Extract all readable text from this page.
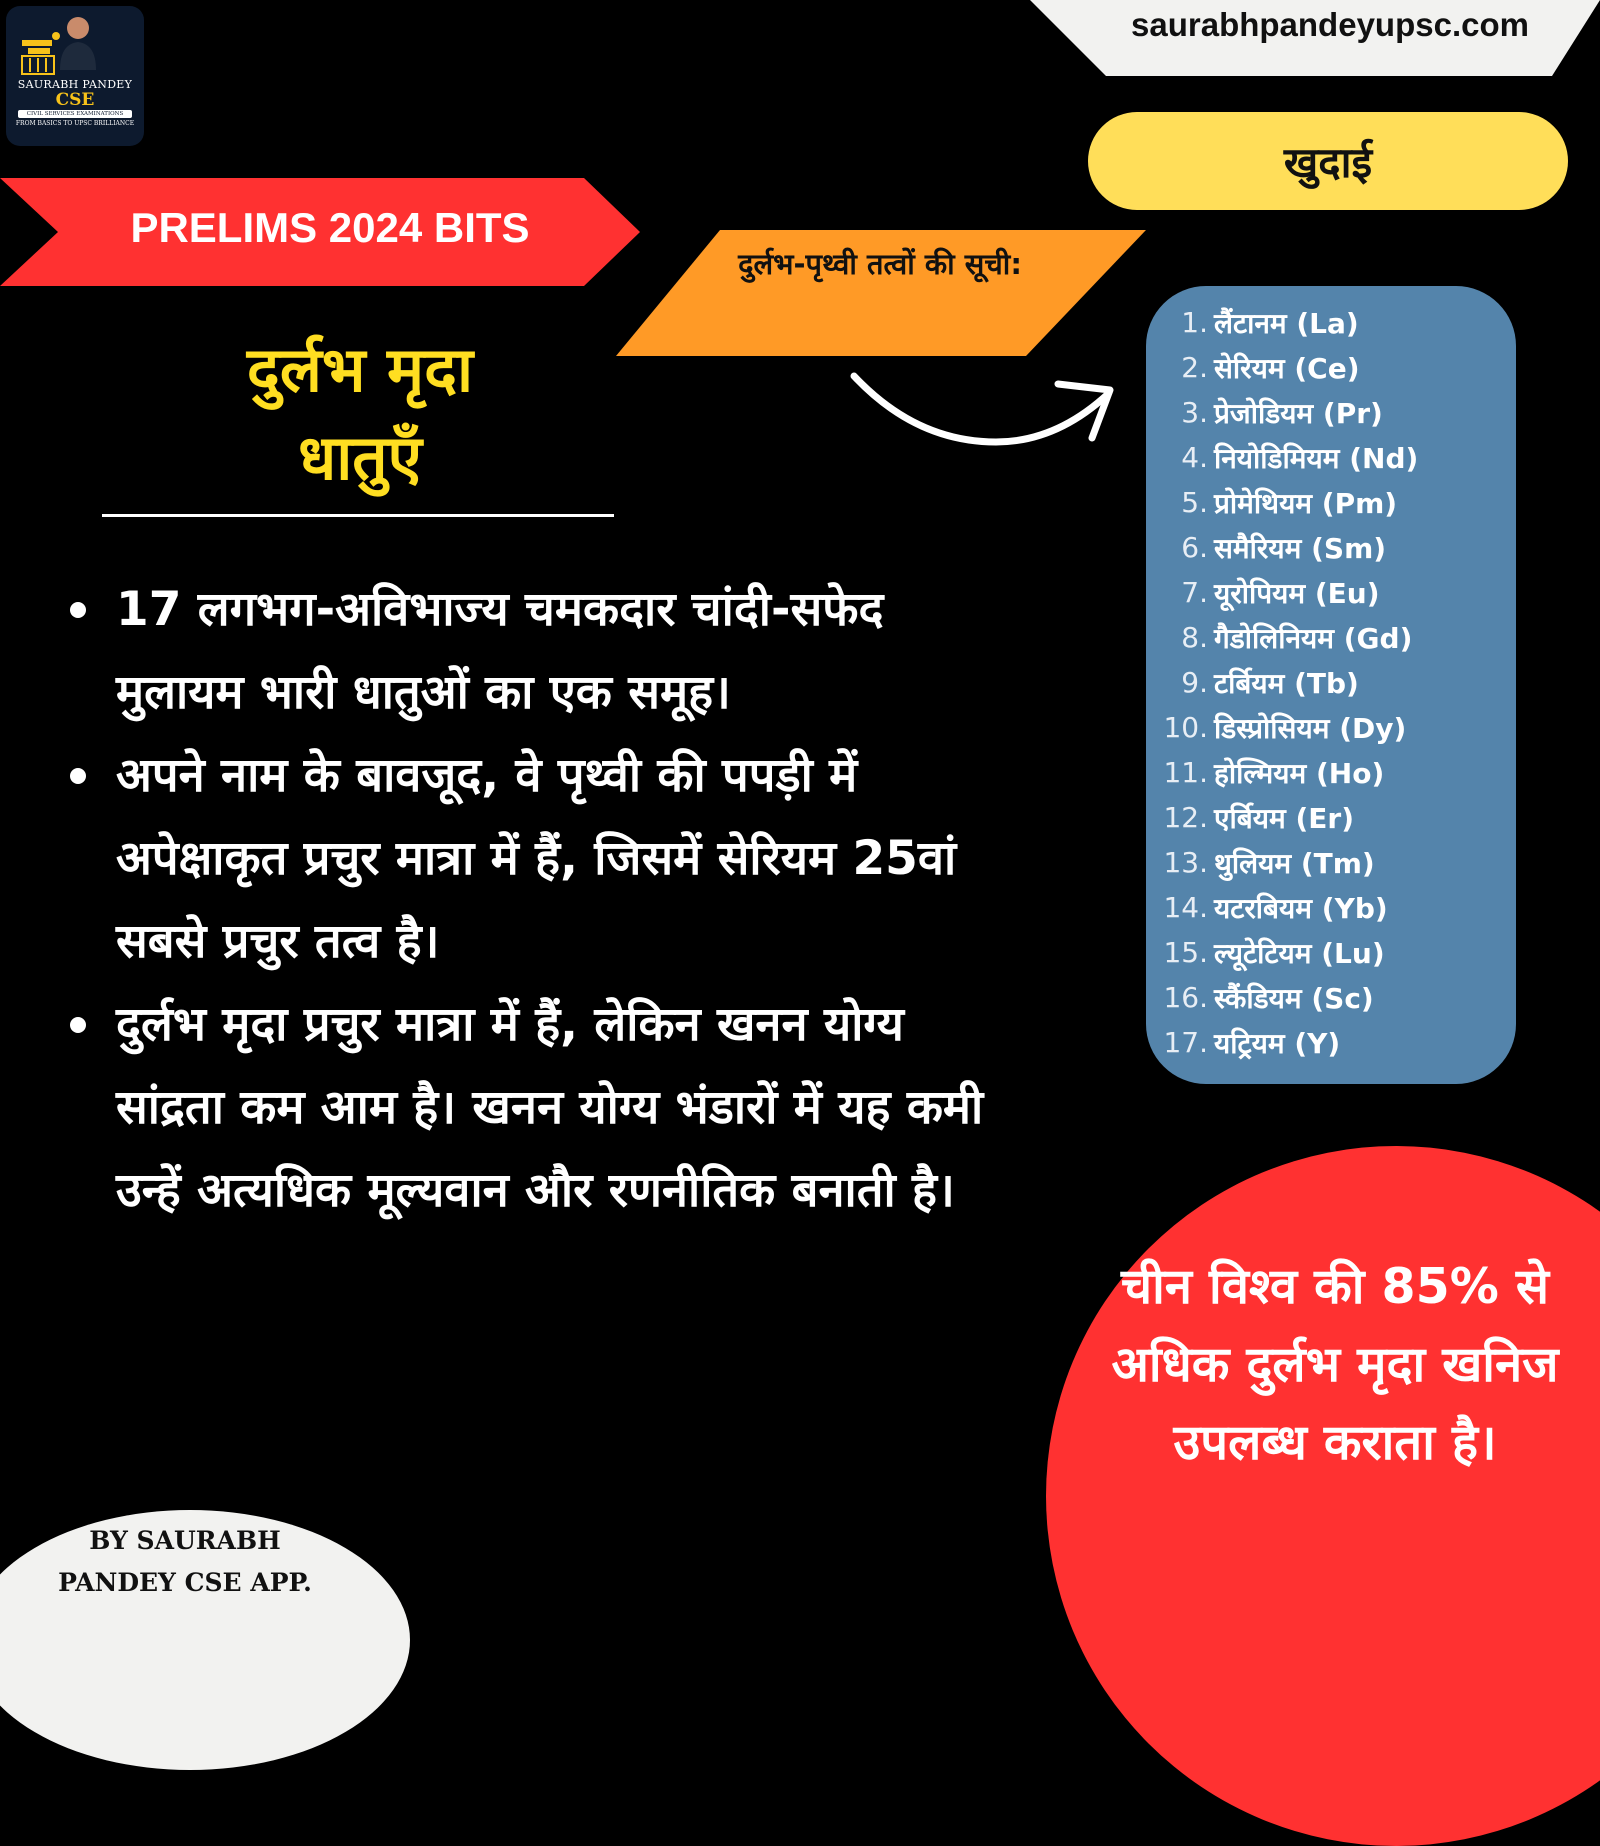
SAURABH PANDEY
CSE
CIVIL SERVICES EXAMINATIONS
FROM BASICS TO UPSC BRILLIANCE
saurabhpandeyupsc.com
खुदाई
PRELIMS 2024 BITS
दुर्लभ-पृथ्वी तत्वों की सूची:
दुर्लभ मृदा
धातुएँ
17 लगभग-अविभाज्य चमकदार चांदी-सफेद मुलायम भारी धातुओं का एक समूह।
अपने नाम के बावजूद, वे पृथ्वी की पपड़ी में अपेक्षाकृत प्रचुर मात्रा में हैं, जिसमें सेरियम 25वां सबसे प्रचुर तत्व है।
दुर्लभ मृदा प्रचुर मात्रा में हैं, लेकिन खनन योग्य सांद्रता कम आम है। खनन योग्य भंडारों में यह कमी उन्हें अत्यधिक मूल्यवान और रणनीतिक बनाती है।
1. लैंटानम (La)
2. सेरियम (Ce)
3. प्रेजोडियम (Pr)
4. नियोडिमियम (Nd)
5. प्रोमेथियम (Pm)
6. समैरियम (Sm)
7. यूरोपियम (Eu)
8. गैडोलिनियम (Gd)
9. टर्बियम (Tb)
10. डिस्प्रोसियम (Dy)
11. होल्मियम (Ho)
12. एर्बियम (Er)
13. थुलियम (Tm)
14. यटरबियम (Yb)
15. ल्यूटेटियम (Lu)
16. स्कैंडियम (Sc)
17. यट्रियम (Y)
चीन विश्व की 85% से अधिक दुर्लभ मृदा खनिज उपलब्ध कराता है।
BY SAURABH
PANDEY CSE APP.
